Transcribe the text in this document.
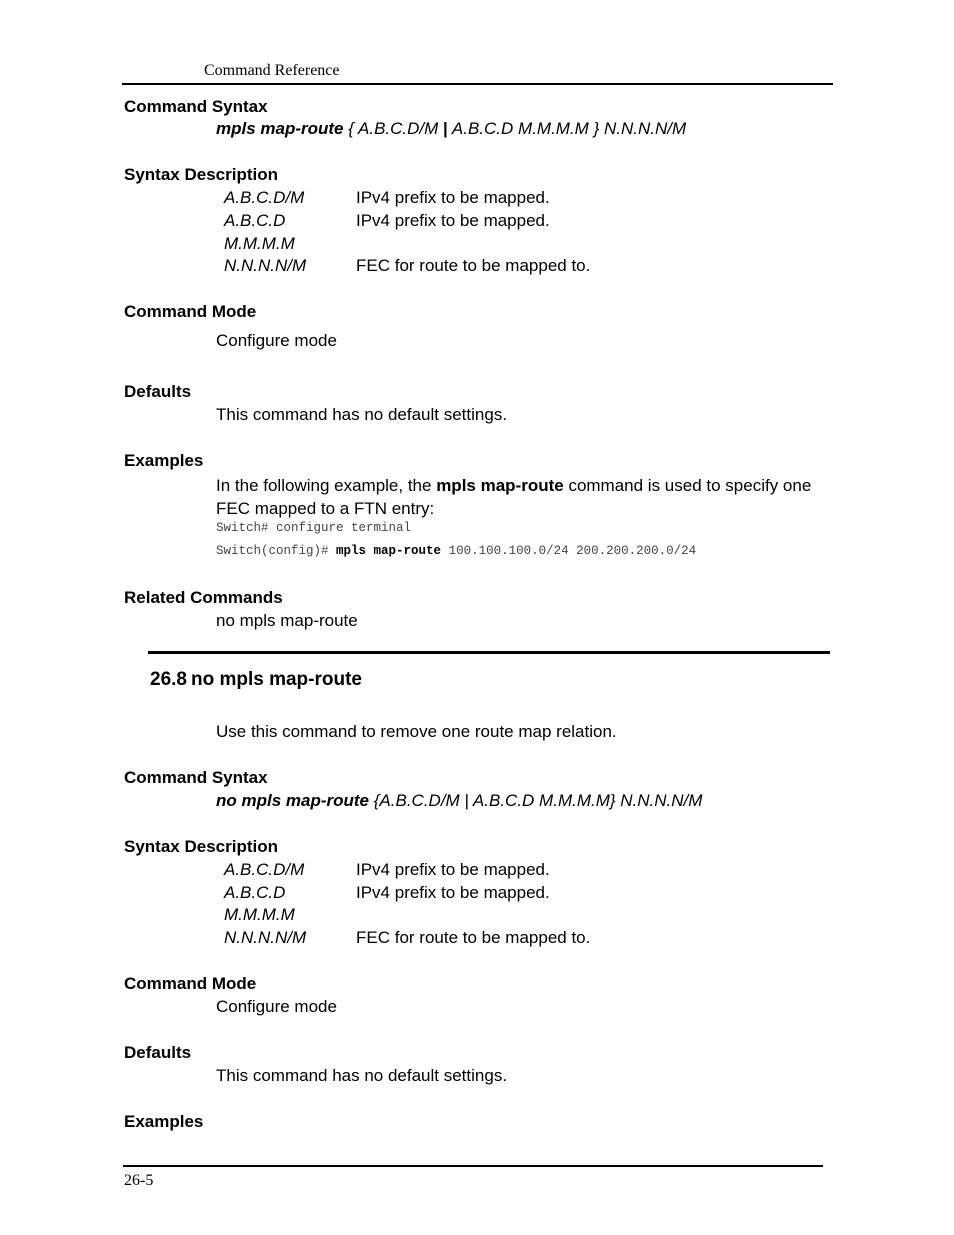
Command Reference
Command Syntax
mpls map-route { A.B.C.D/M | A.B.C.D M.M.M.M } N.N.N.N/M
Syntax Description
A.B.C.D/M	IPv4 prefix to be mapped.
A.B.C.D	IPv4 prefix to be mapped.
M.M.M.M
N.N.N.N/M	FEC for route to be mapped to.
Command Mode
Configure mode
Defaults
This command has no default settings.
Examples
In the following example, the mpls map-route command is used to specify one FEC mapped to a FTN entry:
Switch# configure terminal
Switch(config)# mpls map-route 100.100.100.0/24 200.200.200.0/24
Related Commands
no mpls map-route
26.8 no mpls map-route
Use this command to remove one route map relation.
Command Syntax
no mpls map-route {A.B.C.D/M | A.B.C.D M.M.M.M} N.N.N.N/M
Syntax Description
A.B.C.D/M	IPv4 prefix to be mapped.
A.B.C.D	IPv4 prefix to be mapped.
M.M.M.M
N.N.N.N/M	FEC for route to be mapped to.
Command Mode
Configure mode
Defaults
This command has no default settings.
Examples
26-5
